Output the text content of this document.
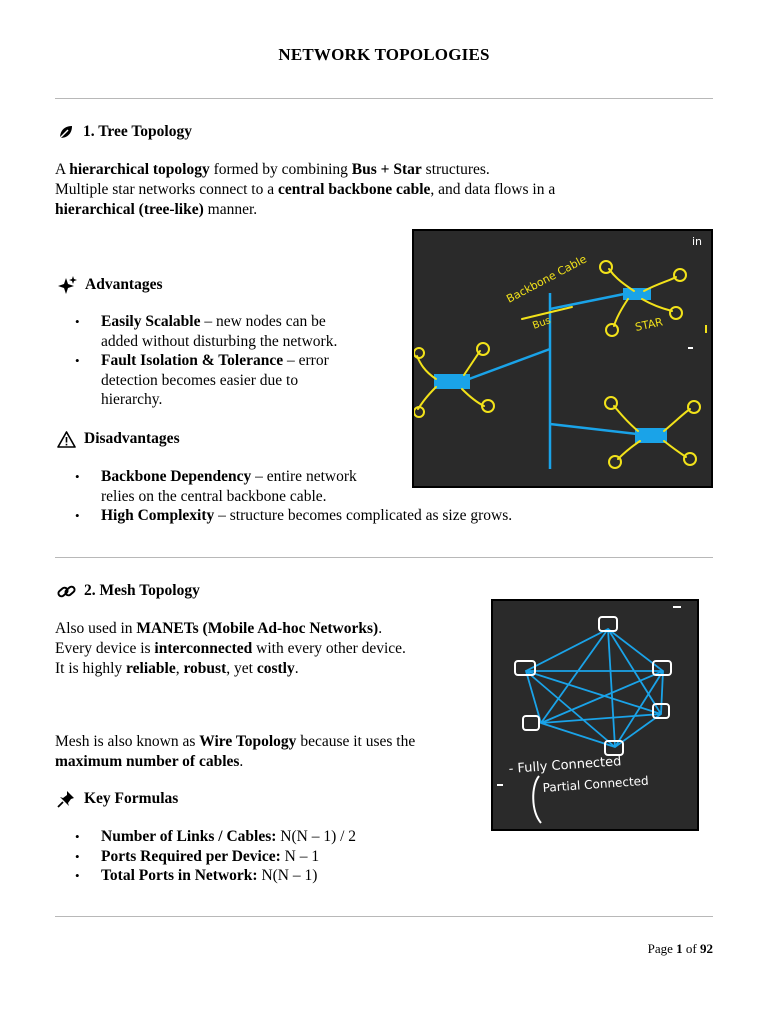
NETWORK TOPOLOGIES
1. Tree Topology
A hierarchical topology formed by combining Bus + Star structures.
Multiple star networks connect to a central backbone cable, and data flows in a
hierarchical (tree-like) manner.
Advantages
• Easily Scalable – new nodes can be
added without disturbing the network.
• Fault Isolation & Tolerance – error
detection becomes easier due to
hierarchy.
Disadvantages
• Backbone Dependency – entire network
relies on the central backbone cable.
• High Complexity – structure becomes complicated as size grows.
Backbone Cable
Bus	STAR
in
2. Mesh Topology
Also used in MANETs (Mobile Ad-hoc Networks).
Every device is interconnected with every other device.
It is highly reliable, robust, yet costly.
Mesh is also known as Wire Topology because it uses the
maximum number of cables.
Key Formulas
• Number of Links / Cables: N(N – 1) / 2
• Ports Required per Device: N – 1
• Total Ports in Network: N(N – 1)
- Fully Connected
Partial Connected
Page 1 of 92
